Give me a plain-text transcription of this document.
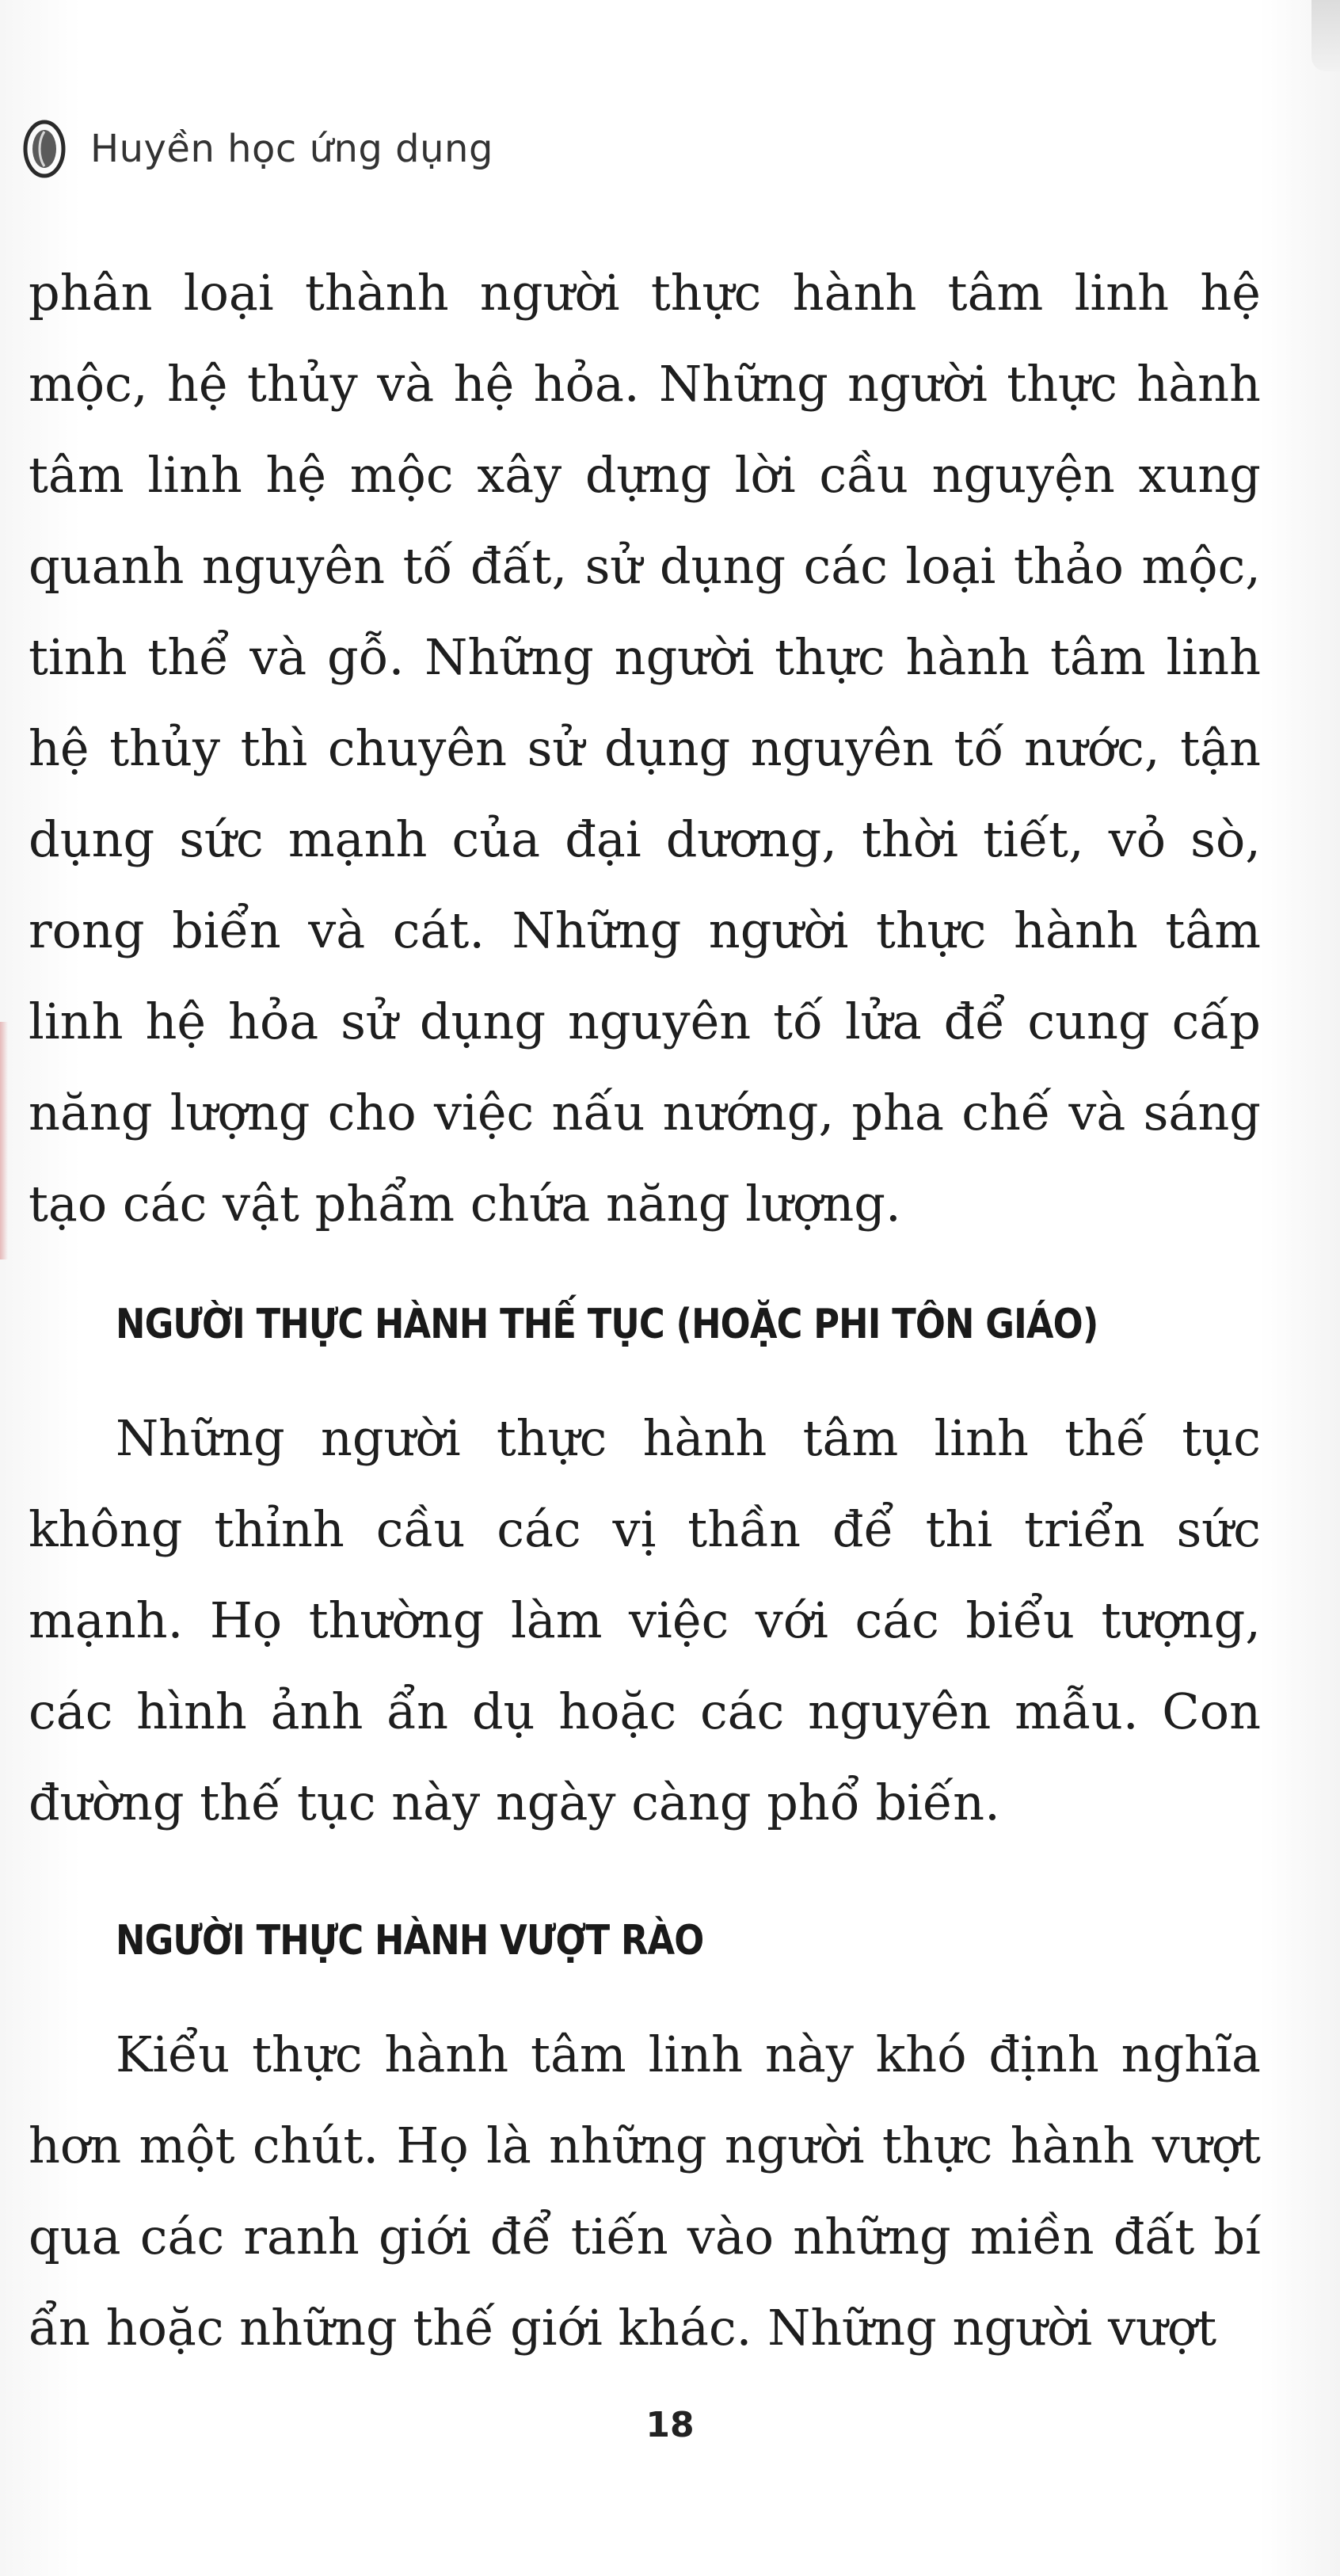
Huyền học ứng dụng

phân loại thành người thực hành tâm linh hệ mộc, hệ thủy và hệ hỏa. Những người thực hành tâm linh hệ mộc xây dựng lời cầu nguyện xung quanh nguyên tố đất, sử dụng các loại thảo mộc, tinh thể và gỗ. Những người thực hành tâm linh hệ thủy thì chuyên sử dụng nguyên tố nước, tận dụng sức mạnh của đại dương, thời tiết, vỏ sò, rong biển và cát. Những người thực hành tâm linh hệ hỏa sử dụng nguyên tố lửa để cung cấp năng lượng cho việc nấu nướng, pha chế và sáng tạo các vật phẩm chứa năng lượng.

NGƯỜI THỰC HÀNH THẾ TỤC (HOẶC PHI TÔN GIÁO)

Những người thực hành tâm linh thế tục không thỉnh cầu các vị thần để thi triển sức mạnh. Họ thường làm việc với các biểu tượng, các hình ảnh ẩn dụ hoặc các nguyên mẫu. Con đường thế tục này ngày càng phổ biến.

NGƯỜI THỰC HÀNH VƯỢT RÀO

Kiểu thực hành tâm linh này khó định nghĩa hơn một chút. Họ là những người thực hành vượt qua các ranh giới để tiến vào những miền đất bí ẩn hoặc những thế giới khác. Những người vượt

18
